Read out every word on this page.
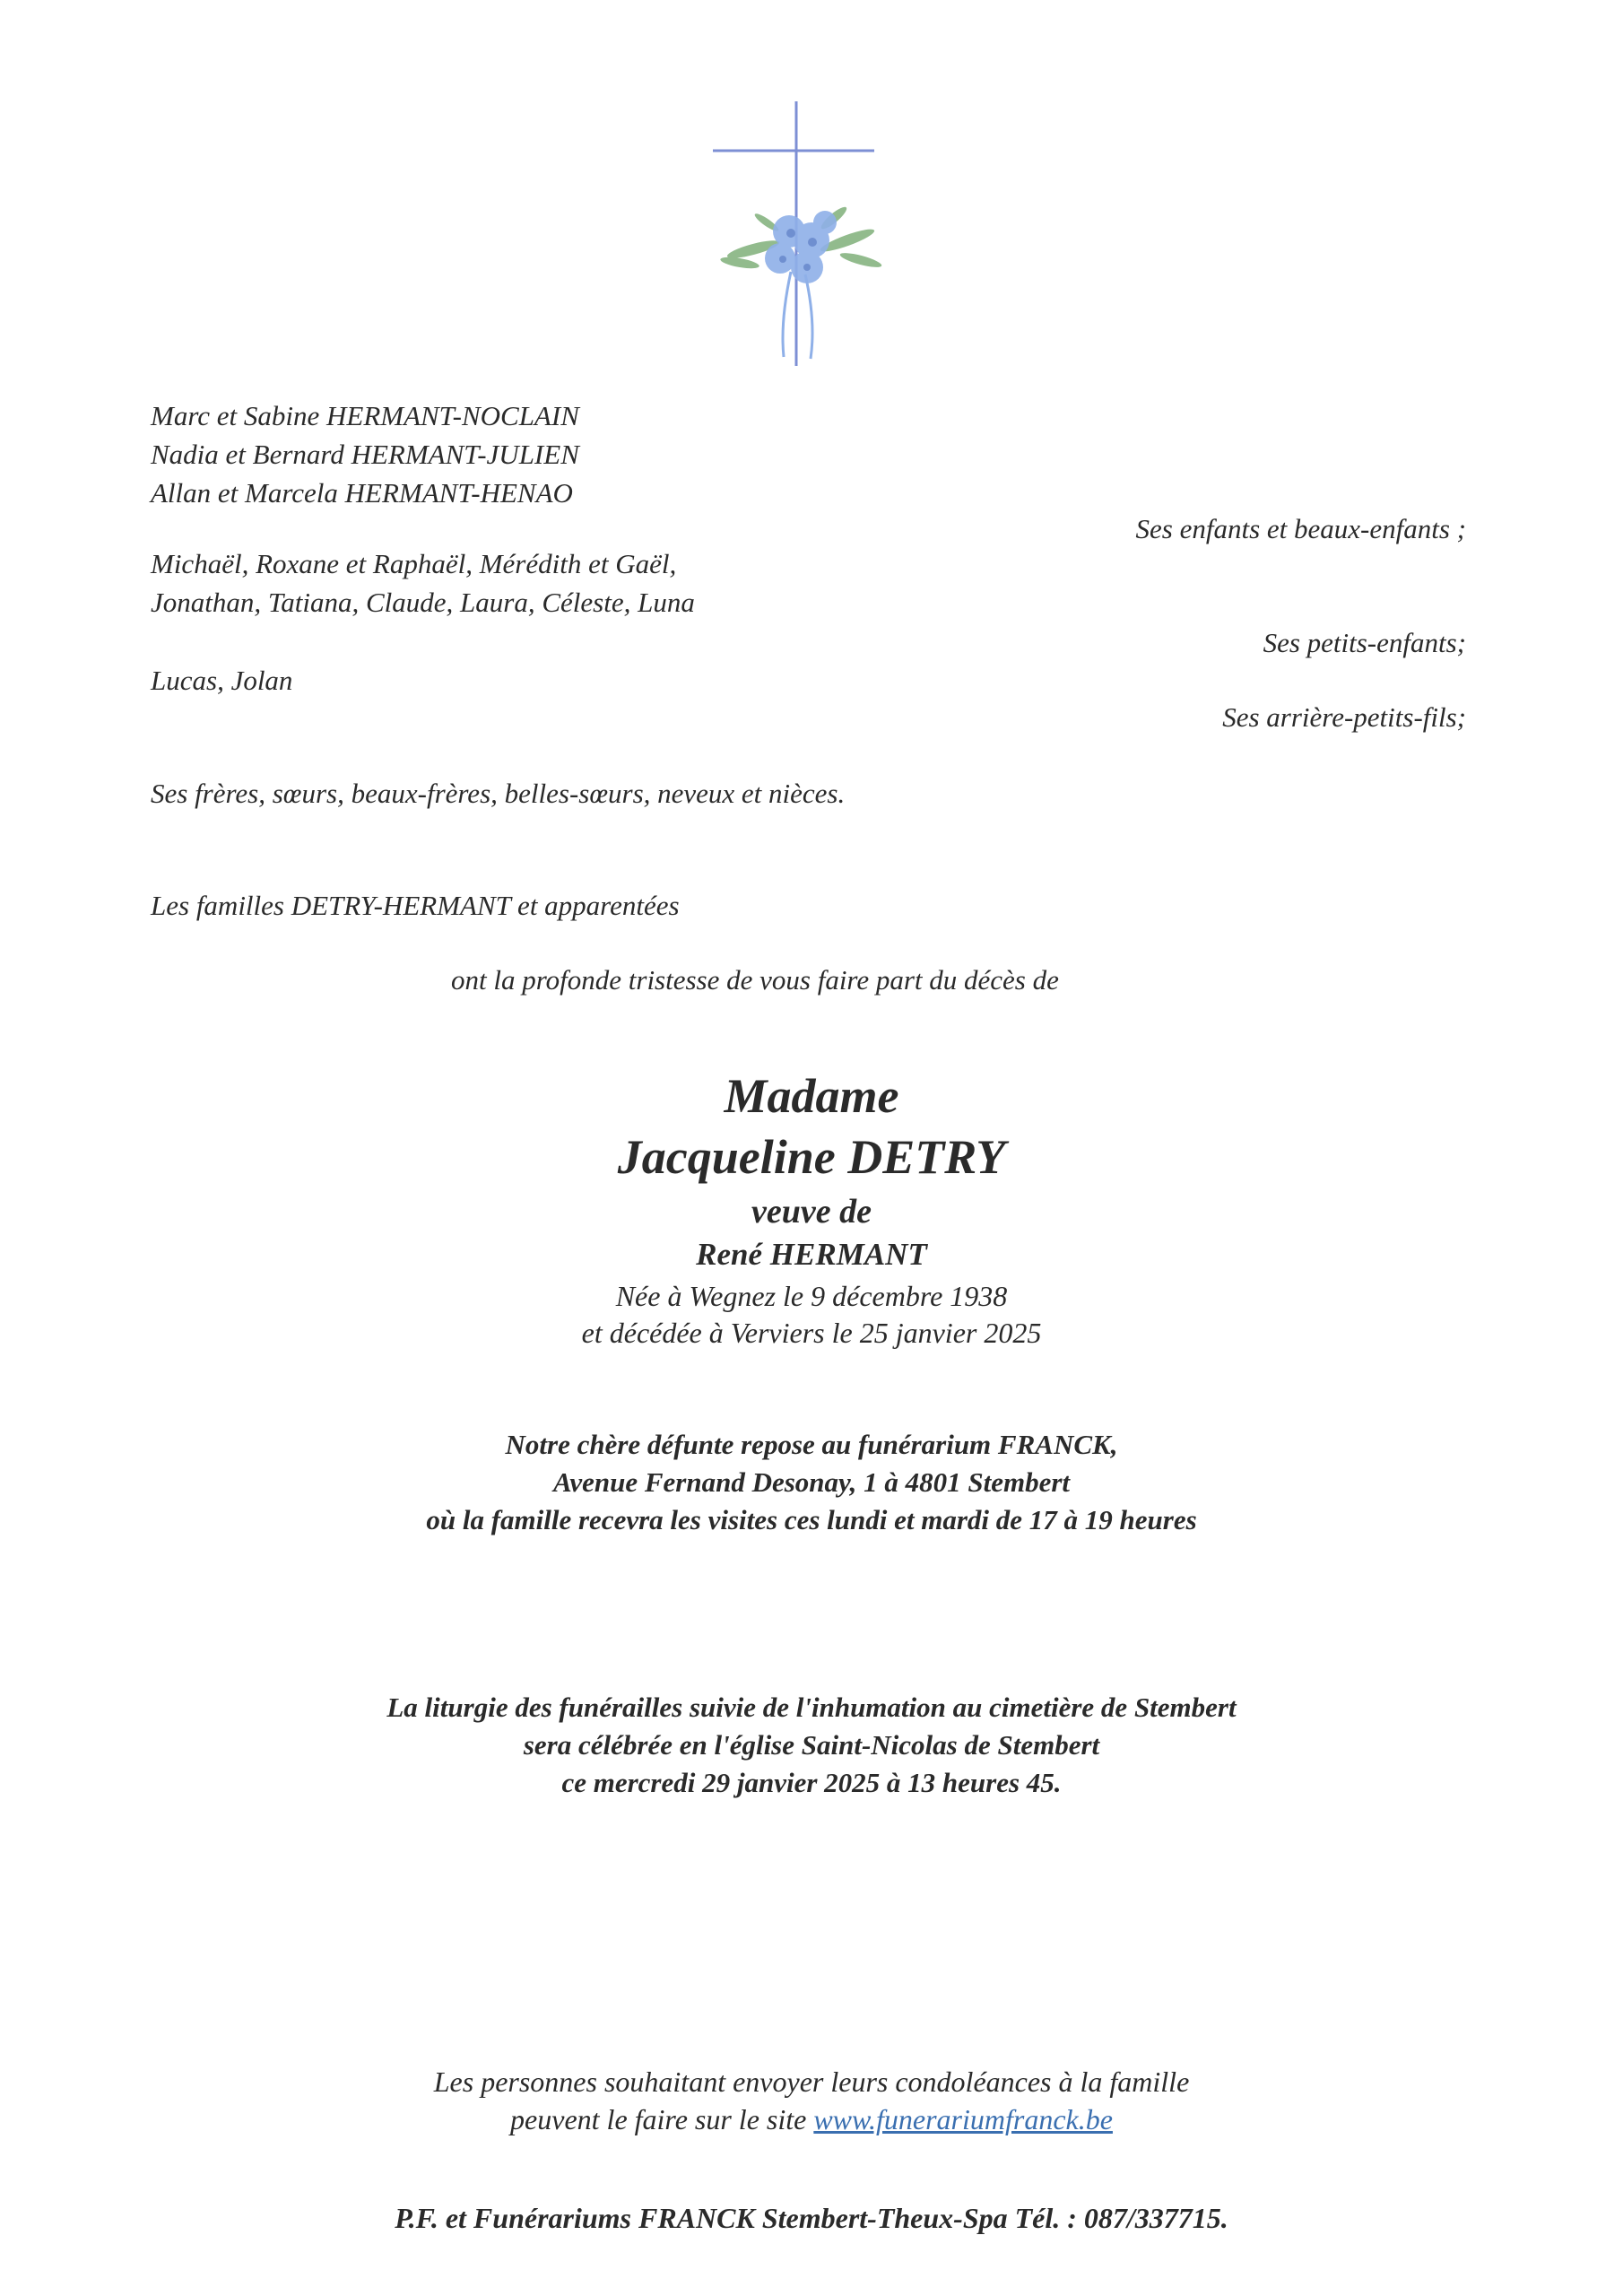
Marc et Sabine HERMANT-NOCLAIN
Nadia et Bernard HERMANT-JULIEN
Allan et Marcela HERMANT-HENAO
Michaël, Roxane et Raphaël, Mérédith et Gaël,
Jonathan, Tatiana, Claude, Laura, Céleste, Luna
Lucas, Jolan
Ses frères, sœurs, beaux-frères, belles-sœurs, neveux et nièces.
Les familles DETRY-HERMANT et apparentées
Ses enfants et beaux-enfants ;
Ses petits-enfants;
Ses arrière-petits-fils;
ont la profonde tristesse de vous faire part du décès de
Madame
Jacqueline DETRY
veuve de
René HERMANT
Née à Wegnez le 9 décembre 1938
et décédée à Verviers le 25 janvier 2025
Notre chère défunte repose au funérarium FRANCK,
Avenue Fernand Desonay, 1 à 4801 Stembert
où la famille recevra les visites ces lundi et mardi de 17 à 19 heures
La liturgie des funérailles suivie de l'inhumation au cimetière de Stembert
sera célébrée en l'église Saint-Nicolas de Stembert
ce mercredi 29 janvier 2025 à 13 heures 45.
Les personnes souhaitant envoyer leurs condoléances à la famille
peuvent le faire sur le site www.funerariumfranck.be
P.F. et Funérariums FRANCK Stembert-Theux-Spa Tél. : 087/337715.
